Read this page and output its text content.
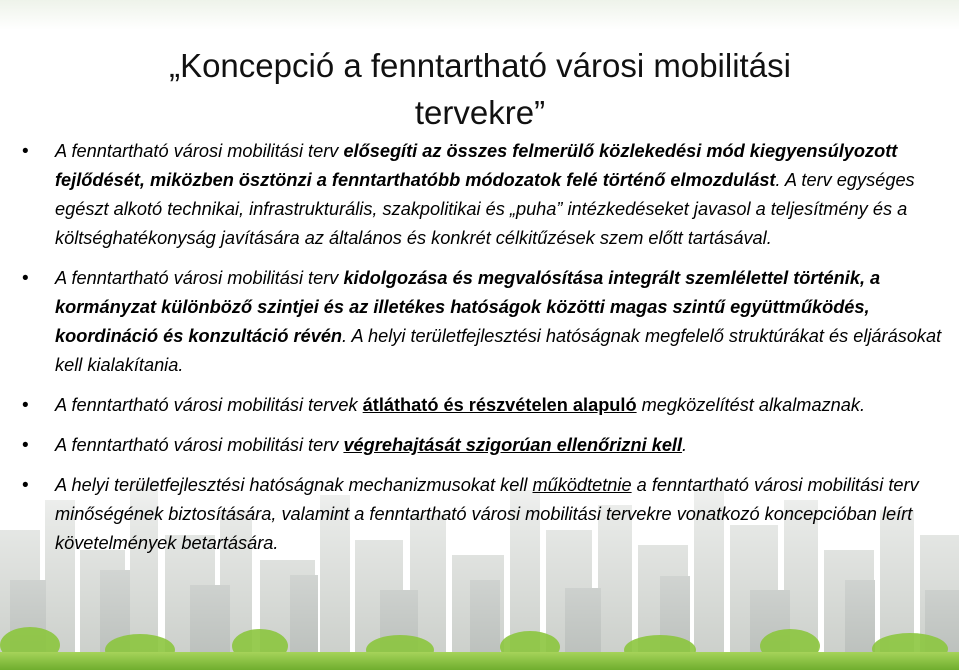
„Koncepció a fenntartható városi mobilitási
tervekre”
• A fenntartható városi mobilitási terv elősegíti az összes felmerülő közlekedési mód kiegyensúlyozott fejlődését, miközben ösztönzi a fenntarthatóbb módozatok felé történő elmozdulást. A terv egységes egészt alkotó technikai, infrastrukturális, szakpolitikai és „puha” intézkedéseket javasol a teljesítmény és a költséghatékonyság javítására az általános és konkrét célkitűzések szem előtt tartásával.
• A fenntartható városi mobilitási terv kidolgozása és megvalósítása integrált szemlélettel történik, a kormányzat különböző szintjei és az illetékes hatóságok közötti magas szintű együttműködés, koordináció és konzultáció révén. A helyi területfejlesztési hatóságnak megfelelő struktúrákat és eljárásokat kell kialakítania.
• A fenntartható városi mobilitási tervek átlátható és részvételen alapuló megközelítést alkalmaznak.
• A fenntartható városi mobilitási terv végrehajtását szigorúan ellenőrizni kell.
• A helyi területfejlesztési hatóságnak mechanizmusokat kell működtetnie a fenntartható városi mobilitási terv minőségének biztosítására, valamint a fenntartható városi mobilitási tervekre vonatkozó koncepcióban leírt követelmények betartására.
